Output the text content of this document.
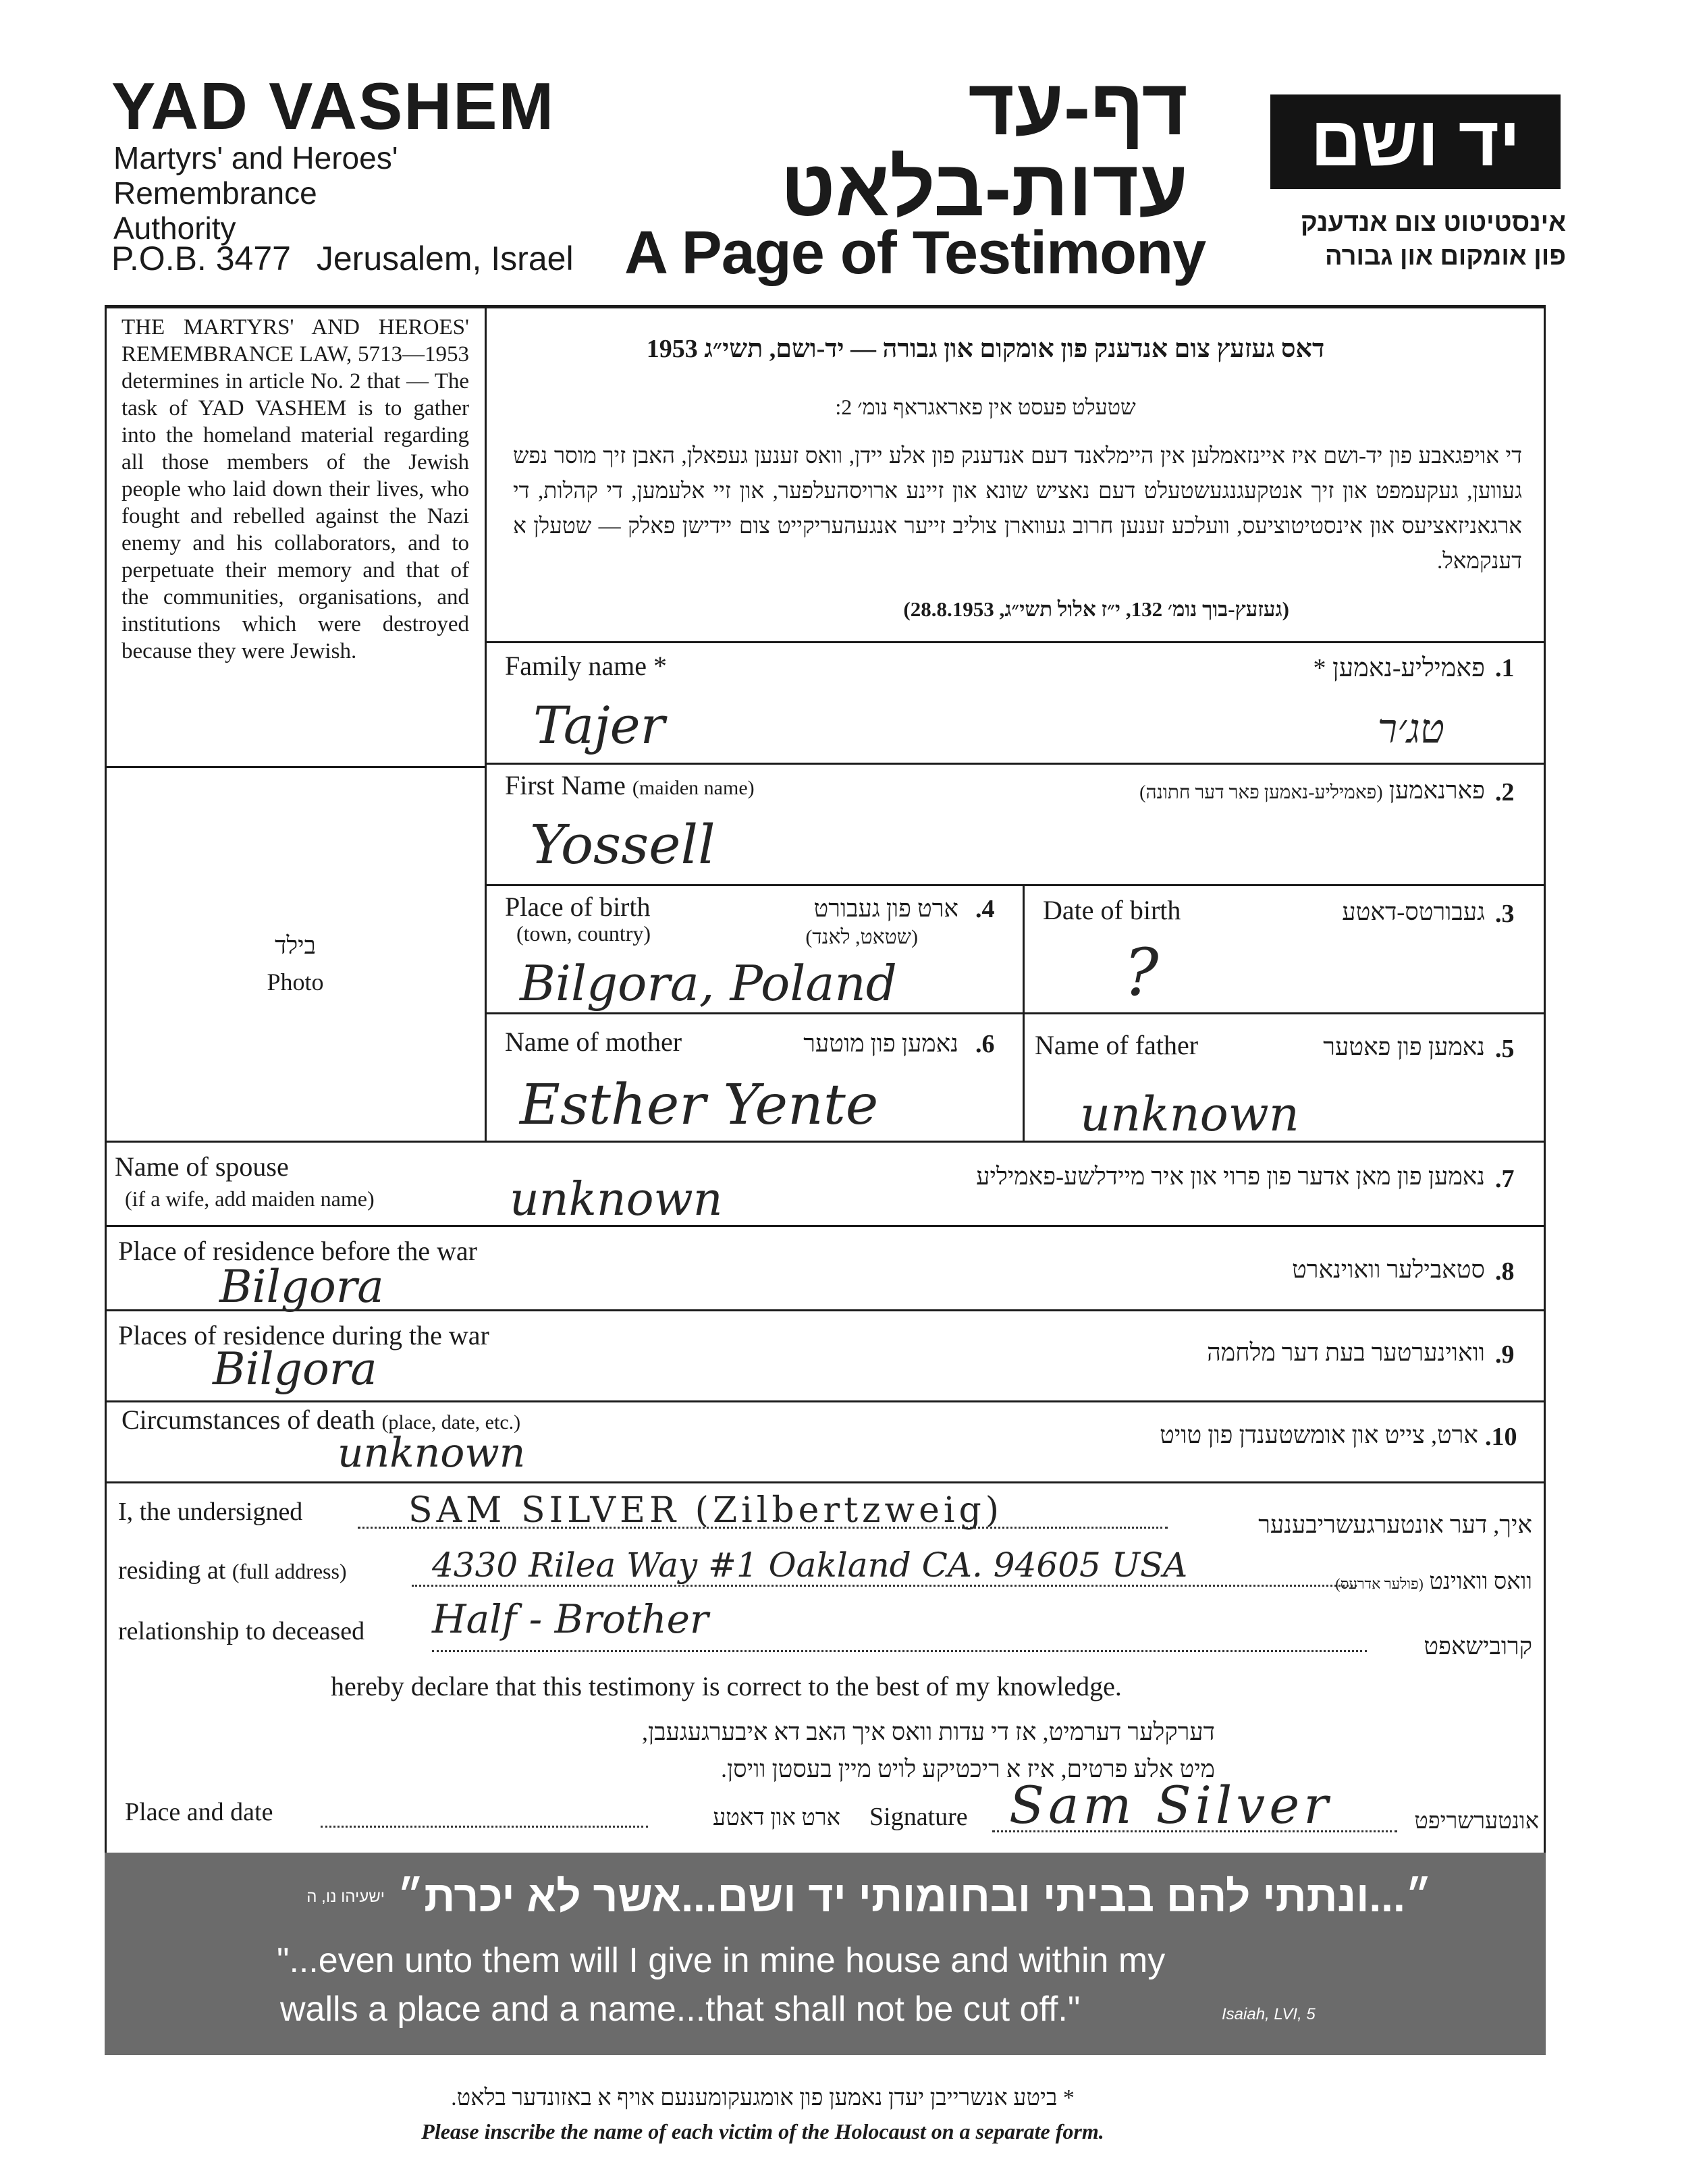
YAD VASHEM
Martyrs' and Heroes'
Remembrance
Authority
P.O.B. 3477 Jerusalem, Israel
דף-עד
עדות-בלאט
A Page of Testimony
יד ושם
אינסטיטוט צום אנדענק
פון אומקום און גבורה
THE MARTYRS' AND HEROES' REMEMBRANCE LAW, 5713—1953 determines in article No. 2 that — The task of YAD VASHEM is to gather into the homeland material regarding all those members of the Jewish people who laid down their lives, who fought and rebelled against the Nazi enemy and his collaborators, and to perpetuate their memory and that of the communities, organisations, and institutions which were destroyed because they were Jewish.
דאס געזעץ צום אנדענק פון אומקום און גבורה — יד-ושם, תשי״ג 1953
שטעלט פעסט אין פאראגראף נומ׳ 2:
די אויפגאבע פון יד-ושם איז איינזאמלען אין היימלאנד דעם אנדענק פון אלע יידן, וואס זענען געפאלן, האבן זיך מוסר נפש געווען, געקעמפט און זיך אנטקעגנגעשטעלט דעם נאציש שונא און זיינע ארויסהעלפער, און זיי אלעמען, די קהלות, די ארגאניזאציעס און אינסטיטוציעס, וועלכע זענען חרוב געווארן צוליב זייער אנגעהעריקייט צום יידישן פאלק — שטעלן א דענקמאל.
(געזעץ-בוך נומ׳ 132, י״ז אלול תשי״ג, 28.8.1953)
בילד
Photo
Family name *	פאמיליע-נאמען * .1
Tajer	טג׳ר
First Name (maiden name)	פארנאמען (פאמיליע-נאמען פאר דער חתונה)	.2
Yossell
Place of birth
(town, country)
ארט פון געבורט
(שטאט, לאנד)
.4
Bilgora, Poland
Date of birth	געבורטס-דאטע .3
?
Name of mother	נאמען פון מוטער .6
Esther Yente
Name of father	נאמען פון פאטער .5
unknown
Name of spouse
(if a wife, add maiden name)
נאמען פון מאן אדער פון פרוי און איר מיידלשע-פאמיליע .7
unknown
Place of residence before the war
סטאבילער וואוינארט .8
Bilgora
Places of residence during the war
וואוינערטער בעת דער מלחמה .9
Bilgora
Circumstances of death (place, date, etc.)	ארט, צייט און אומשטענדן פון טויט .10
unknown
I, the undersigned	SAM SILVER (Zilbertzweig)	איך, דער אונטערגעשריבענער
residing at (full address)	4330 Rilea Way #1 Oakland CA. 94605 USA	וואס וואוינט (פולער אדרעס)
relationship to deceased Half - Brother
קרובישאפט
hereby declare that this testimony is correct to the best of my knowledge.
דערקלער דערמיט, אז די עדות וואס איך האב דא איבערגעגעבן,
מיט אלע פרטים, איז א ריכטיקע לויט מיין בעסטן וויסן.
Place and date	ארט און דאטע Signature Sam Silver	אונטערשריפט
״...ונתתי להם בביתי ובחומותי יד ושם...אשר לא יכרת״
ישעיהו נו, ה
"...even unto them will I give in mine house and within my
walls a place and a name...that shall not be cut off."	Isaiah, LVI, 5
* ביטע אנשרייבן יעדן נאמען פון אומגעקומענעם אויף א באזונדער בלאט.
Please inscribe the name of each victim of the Holocaust on a separate form.
